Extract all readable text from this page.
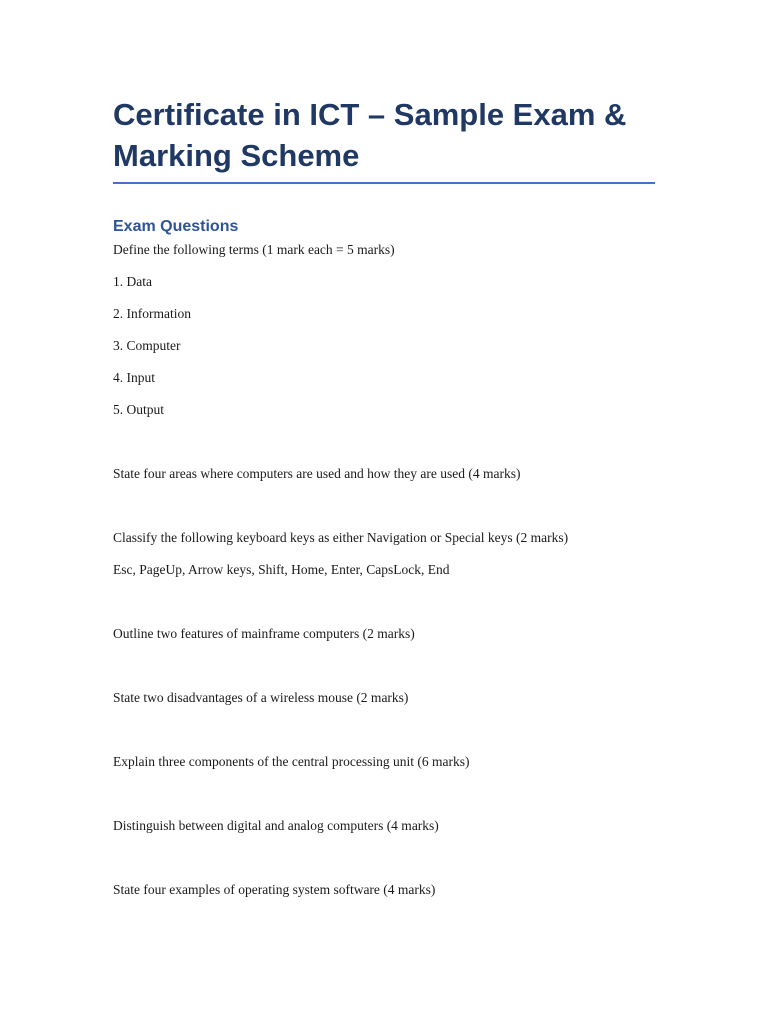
Certificate in ICT – Sample Exam & Marking Scheme
Exam Questions

Define the following terms (1 mark each = 5 marks)

1. Data

2. Information

3. Computer

4. Input

5. Output

State four areas where computers are used and how they are used (4 marks)

Classify the following keyboard keys as either Navigation or Special keys (2 marks)

Esc, PageUp, Arrow keys, Shift, Home, Enter, CapsLock, End

Outline two features of mainframe computers (2 marks)

State two disadvantages of a wireless mouse (2 marks)

Explain three components of the central processing unit (6 marks)

Distinguish between digital and analog computers (4 marks)

State four examples of operating system software (4 marks)
